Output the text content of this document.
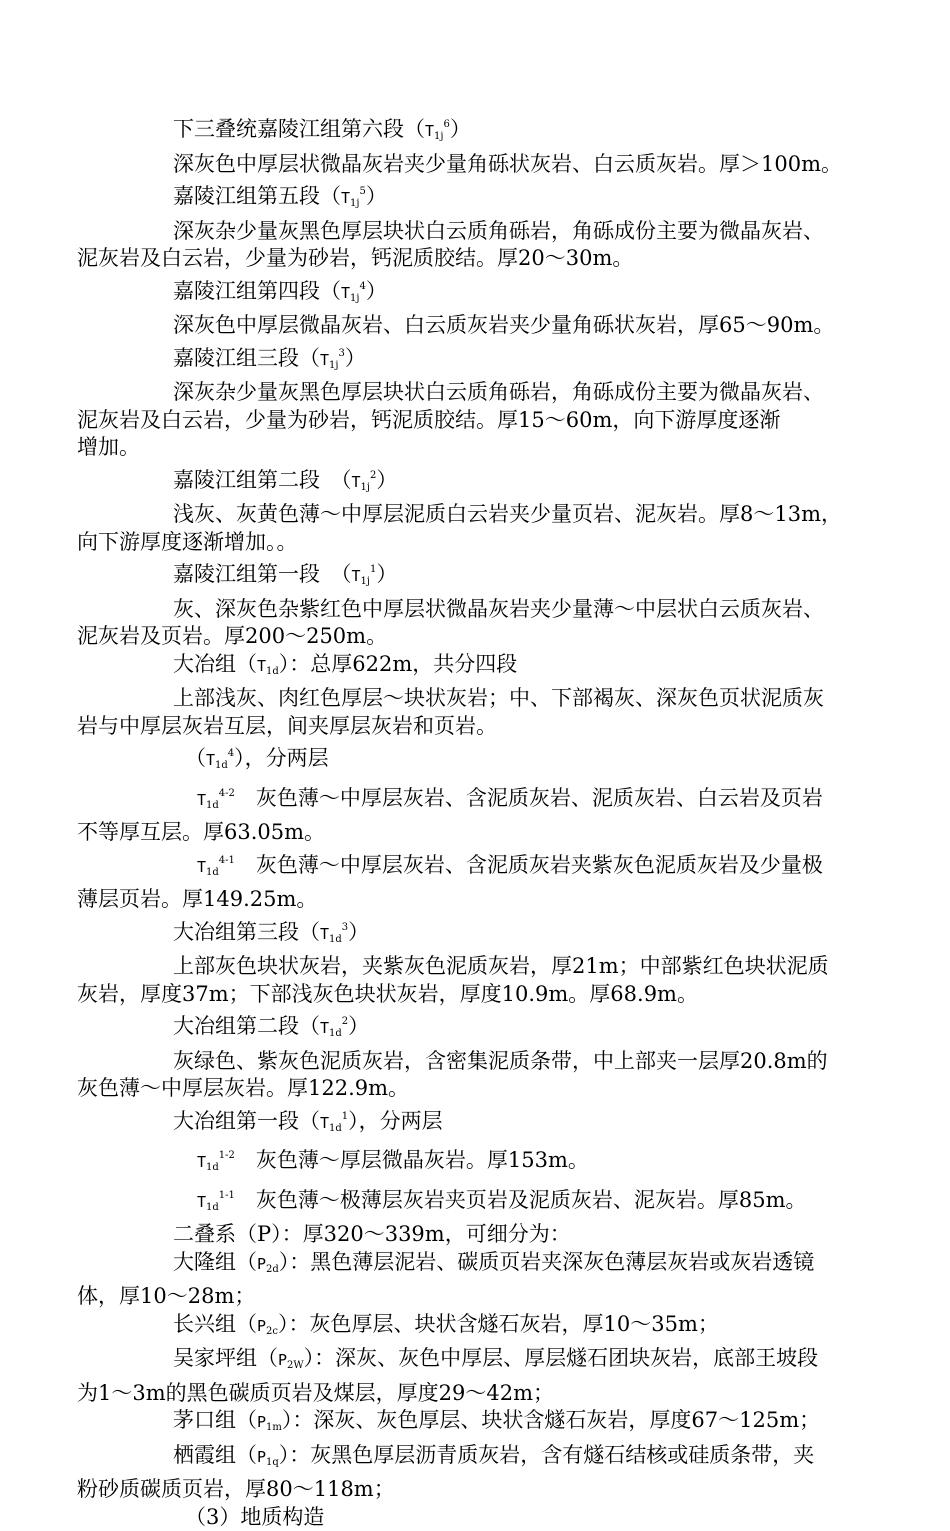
下三叠统嘉陵江组第六段$(T_{1j}^6)$
深灰色中厚层状微晶灰岩夹少量角砾状灰岩、白云质灰岩。厚＞100m。
嘉陵江组第五段$(T_{1j}^5)$
深灰杂少量灰黑色厚层块状白云质角砾岩，角砾成份主要为微晶灰岩、
泥灰岩及白云岩，少量为砂岩，钙泥质胶结。厚20～30m。
嘉陵江组第四段$(T_{1j}^4)$
深灰色中厚层微晶灰岩、白云质灰岩夹少量角砾状灰岩，厚65～90m。
嘉陵江组三段$(T_{1j}^3)$
深灰杂少量灰黑色厚层块状白云质角砾岩，角砾成份主要为微晶灰岩、
泥灰岩及白云岩，少量为砂岩，钙泥质胶结。厚15～60m，向下游厚度逐渐
增加。
嘉陵江组第二段　$(T_{1j}^2)$
浅灰、灰黄色薄～中厚层泥质白云岩夹少量页岩、泥灰岩。厚8～13m，
向下游厚度逐渐增加。。
嘉陵江组第一段　$(T_{1j}^1)$
灰、深灰色杂紫红色中厚层状微晶灰岩夹少量薄～中层状白云质灰岩、
泥灰岩及页岩。厚200～250m。
大冶组$(T_{1d})$：总厚622m，共分四段
上部浅灰、肉红色厚层～块状灰岩；中、下部褐灰、深灰色页状泥质灰
岩与中厚层灰岩互层，间夹厚层灰岩和页岩。
$(T_{1d}^4)$，分两层
$T_{1d}^{4-2}$　灰色薄～中厚层灰岩、含泥质灰岩、泥质灰岩、白云岩及页岩
不等厚互层。厚63.05m。
$T_{1d}^{4-1}$　灰色薄～中厚层灰岩、含泥质灰岩夹紫灰色泥质灰岩及少量极
薄层页岩。厚149.25m。
大冶组第三段$(T_{1d}^3)$
上部灰色块状灰岩，夹紫灰色泥质灰岩，厚21m；中部紫红色块状泥质
灰岩，厚度37m；下部浅灰色块状灰岩，厚度10.9m。厚68.9m。
大冶组第二段$(T_{1d}^2)$
灰绿色、紫灰色泥质灰岩，含密集泥质条带，中上部夹一层厚20.8m的
灰色薄～中厚层灰岩。厚122.9m。
大冶组第一段$(T_{1d}^1)$，分两层
$T_{1d}^{1-2}$　灰色薄～厚层微晶灰岩。厚153m。
$T_{1d}^{1-1}$　灰色薄～极薄层灰岩夹页岩及泥质灰岩、泥灰岩。厚85m。
二叠系（P）：厚320～339m，可细分为：
大隆组$(P_{2d})$：黑色薄层泥岩、碳质页岩夹深灰色薄层灰岩或灰岩透镜
体，厚10～28m；
长兴组$(P_{2c})$：灰色厚层、块状含燧石灰岩，厚10～35m；
吴家坪组$(P_{2W})$：深灰、灰色中厚层、厚层燧石团块灰岩，底部王坡段
为1～3m的黑色碳质页岩及煤层，厚度29～42m；
茅口组$(P_{1m})$：深灰、灰色厚层、块状含燧石灰岩，厚度67～125m；
栖霞组$(P_{1q})$：灰黑色厚层沥青质灰岩，含有燧石结核或硅质条带，夹
粉砂质碳质页岩，厚80～118m；
（3）地质构造
